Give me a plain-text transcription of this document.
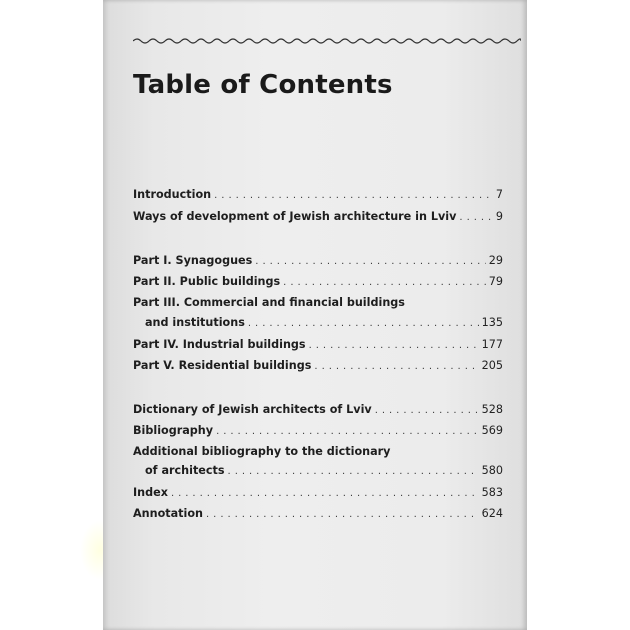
Table of Contents
Introduction . . .	7
Ways of development of Jewish architecture in Lviv . . .	9
Part I. Synagogues . . .	29
Part II. Public buildings . . .	79
Part III. Commercial and financial buildings
and institutions . . .	135
Part IV. Industrial buildings . . .	177
Part V. Residential buildings . . .	205
Dictionary of Jewish architects of Lviv . . .	528
Bibliography . . .	569
Additional bibliography to the dictionary
of architects . . .	580
Index . . .	583
Annotation . . .	624
